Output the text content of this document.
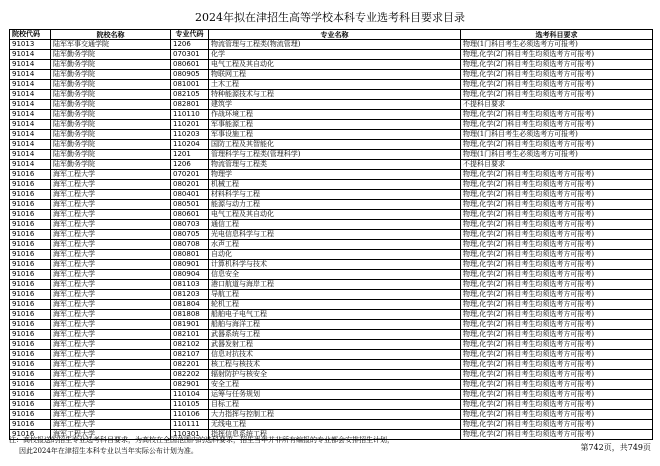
2024年拟在津招生高等学校本科专业选考科目要求目录
院校代码	院校名称	专业代码	专业名称	选考科目要求
91013	陆军军事交通学院	1206	物流管理与工程类(物流管理)	物理(1门科目考生必须选考方可报考)
91014	陆军勤务学院	070301	化学	物理,化学(2门科目考生均须选考方可报考)
91014	陆军勤务学院	080601	电气工程及其自动化	物理,化学(2门科目考生均须选考方可报考)
91014	陆军勤务学院	080905	物联网工程	物理,化学(2门科目考生均须选考方可报考)
91014	陆军勤务学院	081001	土木工程	物理,化学(2门科目考生均须选考方可报考)
91014	陆军勤务学院	082105	特种能源技术与工程	物理,化学(2门科目考生均须选考方可报考)
91014	陆军勤务学院	082801	建筑学	不提科目要求
91014	陆军勤务学院	110110	作战环境工程	物理,化学(2门科目考生均须选考方可报考)
91014	陆军勤务学院	110201	军事能源工程	物理,化学(2门科目考生均须选考方可报考)
91014	陆军勤务学院	110203	军事设施工程	物理(1门科目考生必须选考方可报考)
91014	陆军勤务学院	110204	国防工程及其智能化	物理,化学(2门科目考生均须选考方可报考)
91014	陆军勤务学院	1201	管理科学与工程类(管理科学)	物理(1门科目考生必须选考方可报考)
91014	陆军勤务学院	1206	物流管理与工程类	不提科目要求
91016	海军工程大学	070201	物理学	物理,化学(2门科目考生均须选考方可报考)
91016	海军工程大学	080201	机械工程	物理,化学(2门科目考生均须选考方可报考)
91016	海军工程大学	080401	材料科学与工程	物理,化学(2门科目考生均须选考方可报考)
91016	海军工程大学	080501	能源与动力工程	物理,化学(2门科目考生均须选考方可报考)
91016	海军工程大学	080601	电气工程及其自动化	物理,化学(2门科目考生均须选考方可报考)
91016	海军工程大学	080703	通信工程	物理,化学(2门科目考生均须选考方可报考)
91016	海军工程大学	080705	光电信息科学与工程	物理,化学(2门科目考生均须选考方可报考)
91016	海军工程大学	080708	水声工程	物理,化学(2门科目考生均须选考方可报考)
91016	海军工程大学	080801	自动化	物理,化学(2门科目考生均须选考方可报考)
91016	海军工程大学	080901	计算机科学与技术	物理,化学(2门科目考生均须选考方可报考)
91016	海军工程大学	080904	信息安全	物理,化学(2门科目考生均须选考方可报考)
91016	海军工程大学	081103	港口航道与海岸工程	物理,化学(2门科目考生均须选考方可报考)
91016	海军工程大学	081203	导航工程	物理,化学(2门科目考生均须选考方可报考)
91016	海军工程大学	081804	轮机工程	物理,化学(2门科目考生均须选考方可报考)
91016	海军工程大学	081808	船舶电子电气工程	物理,化学(2门科目考生均须选考方可报考)
91016	海军工程大学	081901	船舶与海洋工程	物理,化学(2门科目考生均须选考方可报考)
91016	海军工程大学	082101	武器系统与工程	物理,化学(2门科目考生均须选考方可报考)
91016	海军工程大学	082102	武器发射工程	物理,化学(2门科目考生均须选考方可报考)
91016	海军工程大学	082107	信息对抗技术	物理,化学(2门科目考生均须选考方可报考)
91016	海军工程大学	082201	核工程与核技术	物理,化学(2门科目考生均须选考方可报考)
91016	海军工程大学	082202	辐射防护与核安全	物理,化学(2门科目考生均须选考方可报考)
91016	海军工程大学	082901	安全工程	物理,化学(2门科目考生均须选考方可报考)
91016	海军工程大学	110104	运筹与任务规划	物理,化学(2门科目考生均须选考方可报考)
91016	海军工程大学	110105	目标工程	物理,化学(2门科目考生均须选考方可报考)
91016	海军工程大学	110106	大力指挥与控制工程	物理,化学(2门科目考生均须选考方可报考)
91016	海军工程大学	110111	无线电工程	物理,化学(2门科目考生均须选考方可报考)
91016	海军工程大学	110301	指挥信息系统工程	物理,化学(2门科目考生均须选考方可报考)
注：高校报送的招生专业选考科目要求，为高校在全国范围内的选科要求，招生当年并非所有编报的专业都会安排招生计划，
因此2024年在津招生本科专业以当年实际公布计划为准。	第742页，共749页
